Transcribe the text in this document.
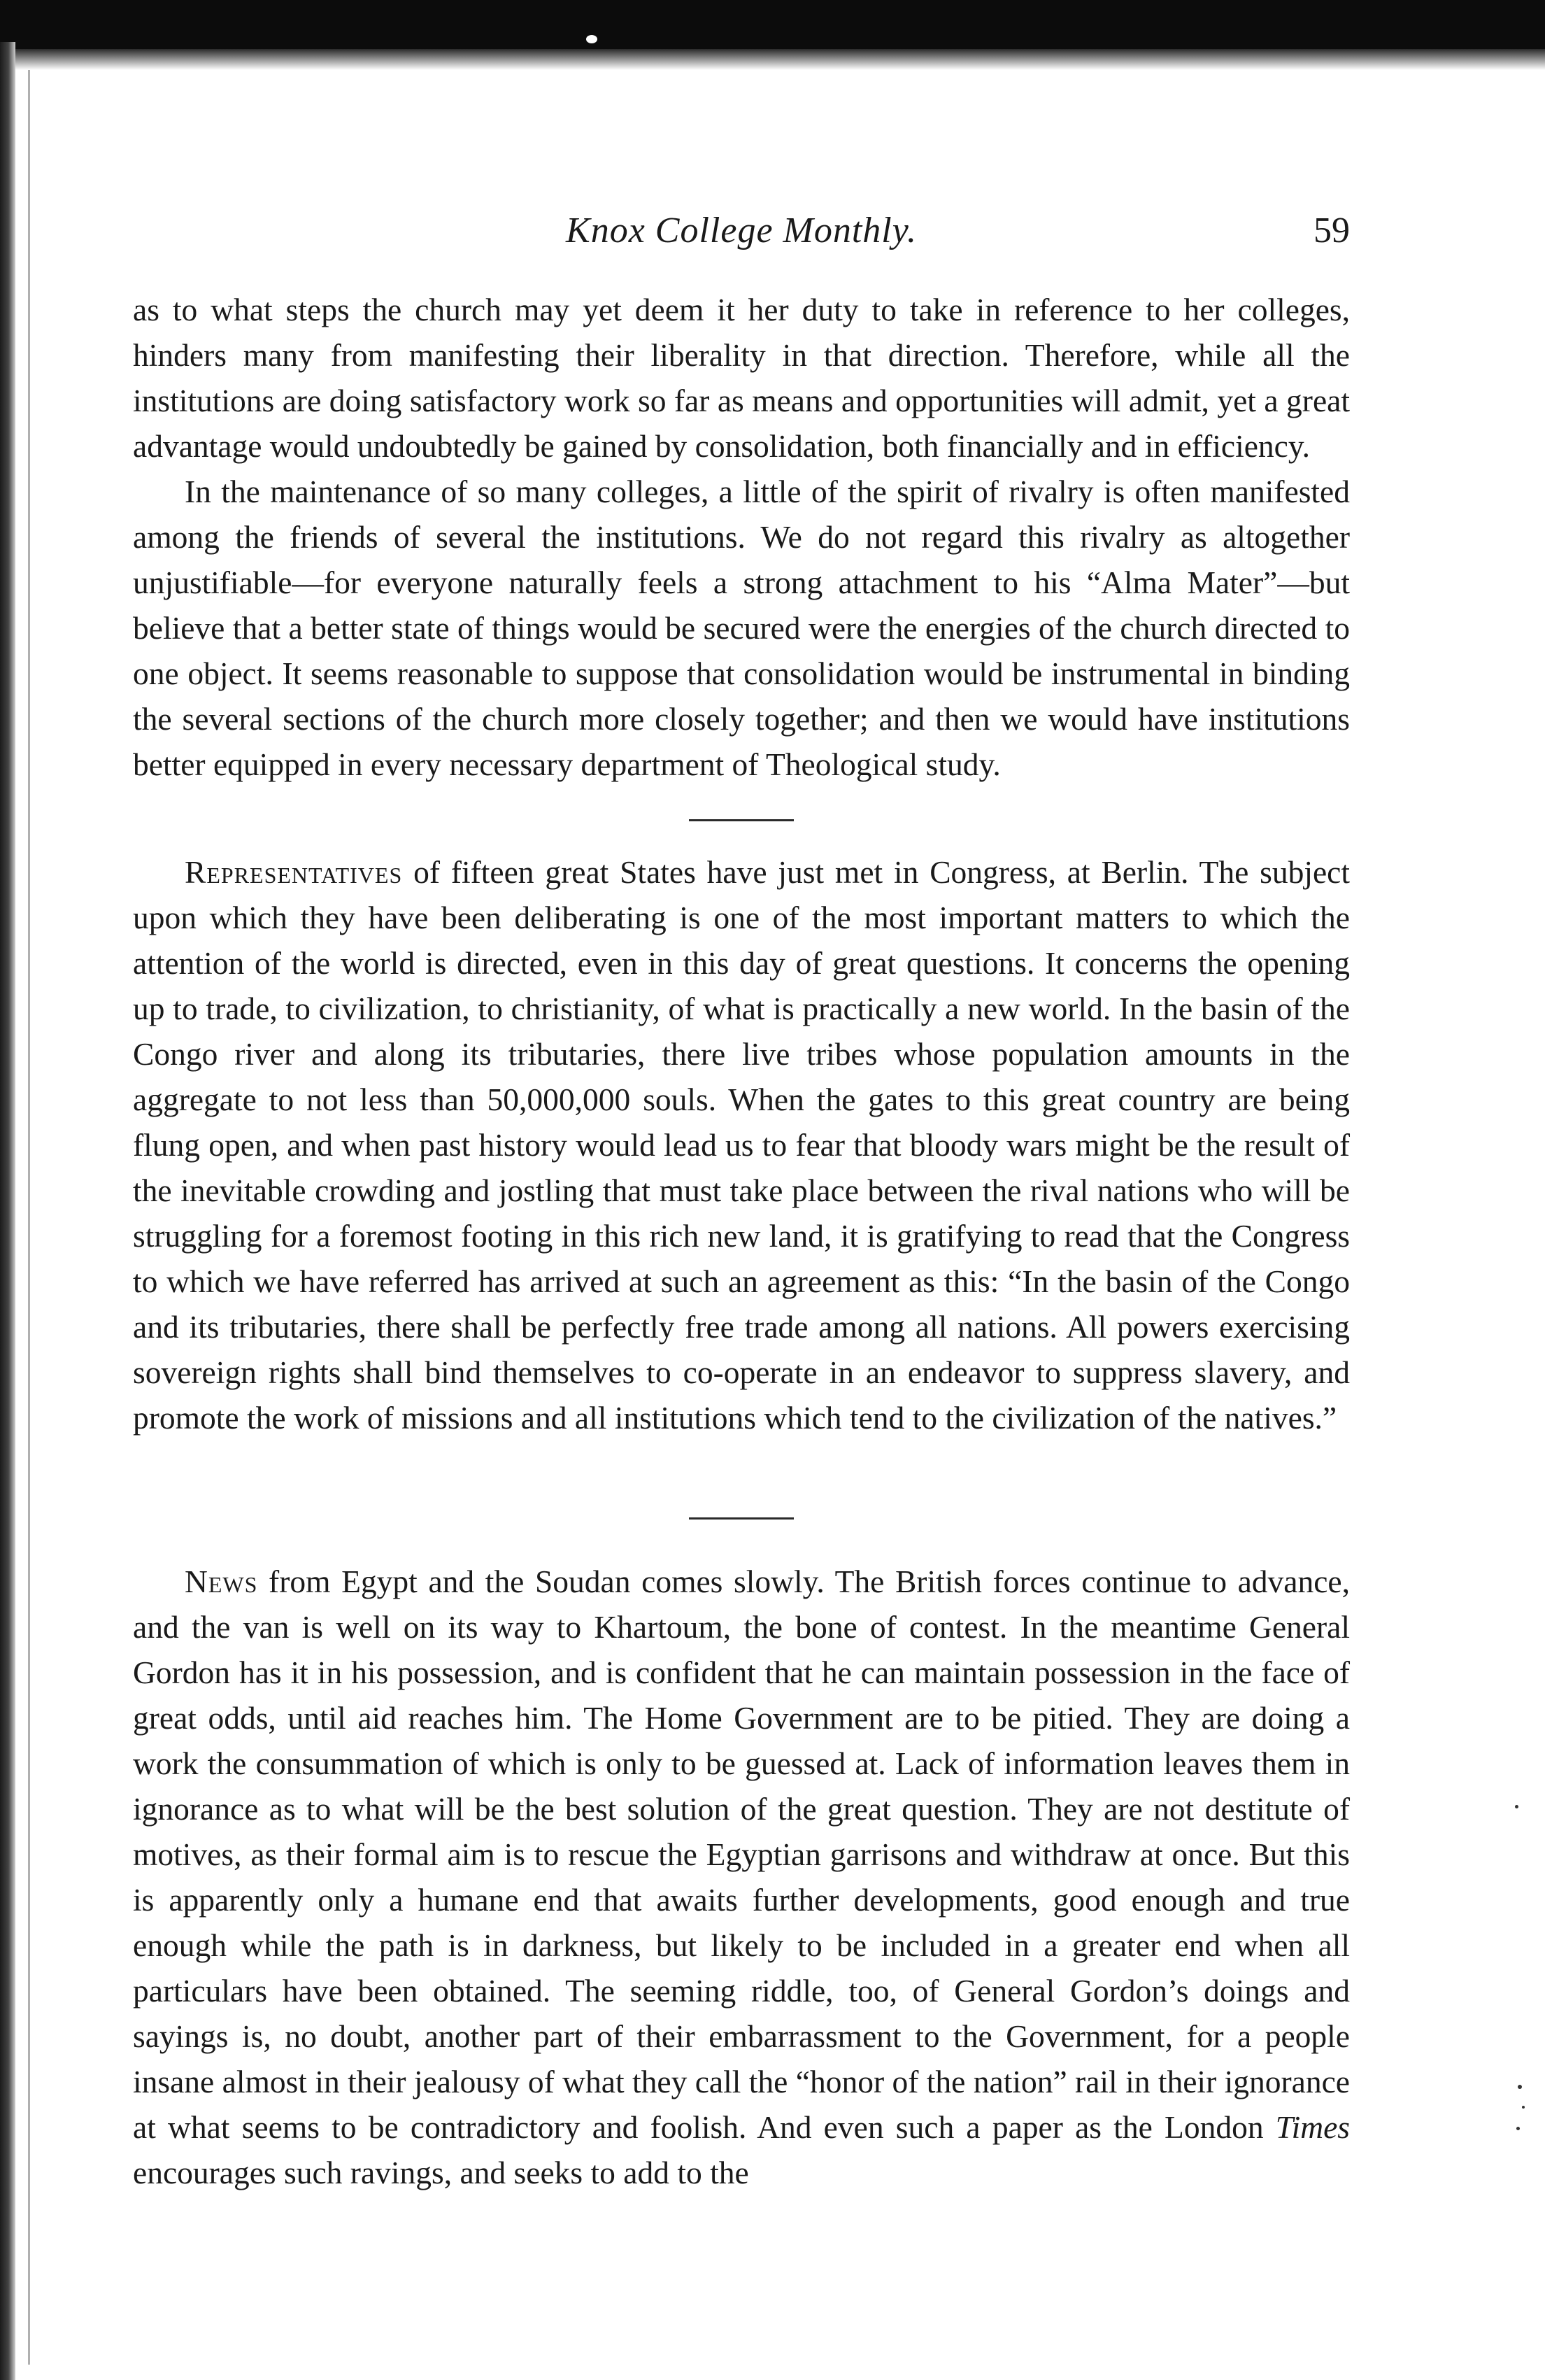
Knox College Monthly.	59

as to what steps the church may yet deem it her duty to take in reference to her colleges, hinders many from manifesting their liberality in that direction. Therefore, while all the institutions are doing satisfactory work so far as means and opportunities will admit, yet a great advantage would undoubtedly be gained by consolidation, both financially and in efficiency.

In the maintenance of so many colleges, a little of the spirit of rivalry is often manifested among the friends of several the institutions. We do not regard this rivalry as altogether unjustifiable—for everyone naturally feels a strong attachment to his “Alma Mater”—but believe that a better state of things would be secured were the energies of the church directed to one object. It seems reasonable to suppose that consolidation would be instrumental in binding the several sections of the church more closely together; and then we would have institutions better equipped in every necessary department of Theological study.

Representatives of fifteen great States have just met in Congress, at Berlin. The subject upon which they have been deliberating is one of the most important matters to which the attention of the world is directed, even in this day of great questions. It concerns the opening up to trade, to civilization, to christianity, of what is practically a new world. In the basin of the Congo river and along its tributaries, there live tribes whose population amounts in the aggregate to not less than 50,000,000 souls. When the gates to this great country are being flung open, and when past history would lead us to fear that bloody wars might be the result of the inevitable crowding and jostling that must take place between the rival nations who will be struggling for a foremost footing in this rich new land, it is gratifying to read that the Congress to which we have referred has arrived at such an agreement as this: “In the basin of the Congo and its tributaries, there shall be perfectly free trade among all nations. All powers exercising sovereign rights shall bind themselves to co-operate in an endeavor to suppress slavery, and promote the work of missions and all institutions which tend to the civilization of the natives.”

News from Egypt and the Soudan comes slowly. The British forces continue to advance, and the van is well on its way to Khartoum, the bone of contest. In the meantime General Gordon has it in his possession, and is confident that he can maintain possession in the face of great odds, until aid reaches him. The Home Government are to be pitied. They are doing a work the consummation of which is only to be guessed at. Lack of information leaves them in ignorance as to what will be the best solution of the great question. They are not destitute of motives, as their formal aim is to rescue the Egyptian garrisons and withdraw at once. But this is apparently only a humane end that awaits further developments, good enough and true enough while the path is in darkness, but likely to be included in a greater end when all particulars have been obtained. The seeming riddle, too, of General Gordon’s doings and sayings is, no doubt, another part of their embarrassment to the Government, for a people insane almost in their jealousy of what they call the “honor of the nation” rail in their ignorance at what seems to be contradictory and foolish. And even such a paper as the London Times encourages such ravings, and seeks to add to the
